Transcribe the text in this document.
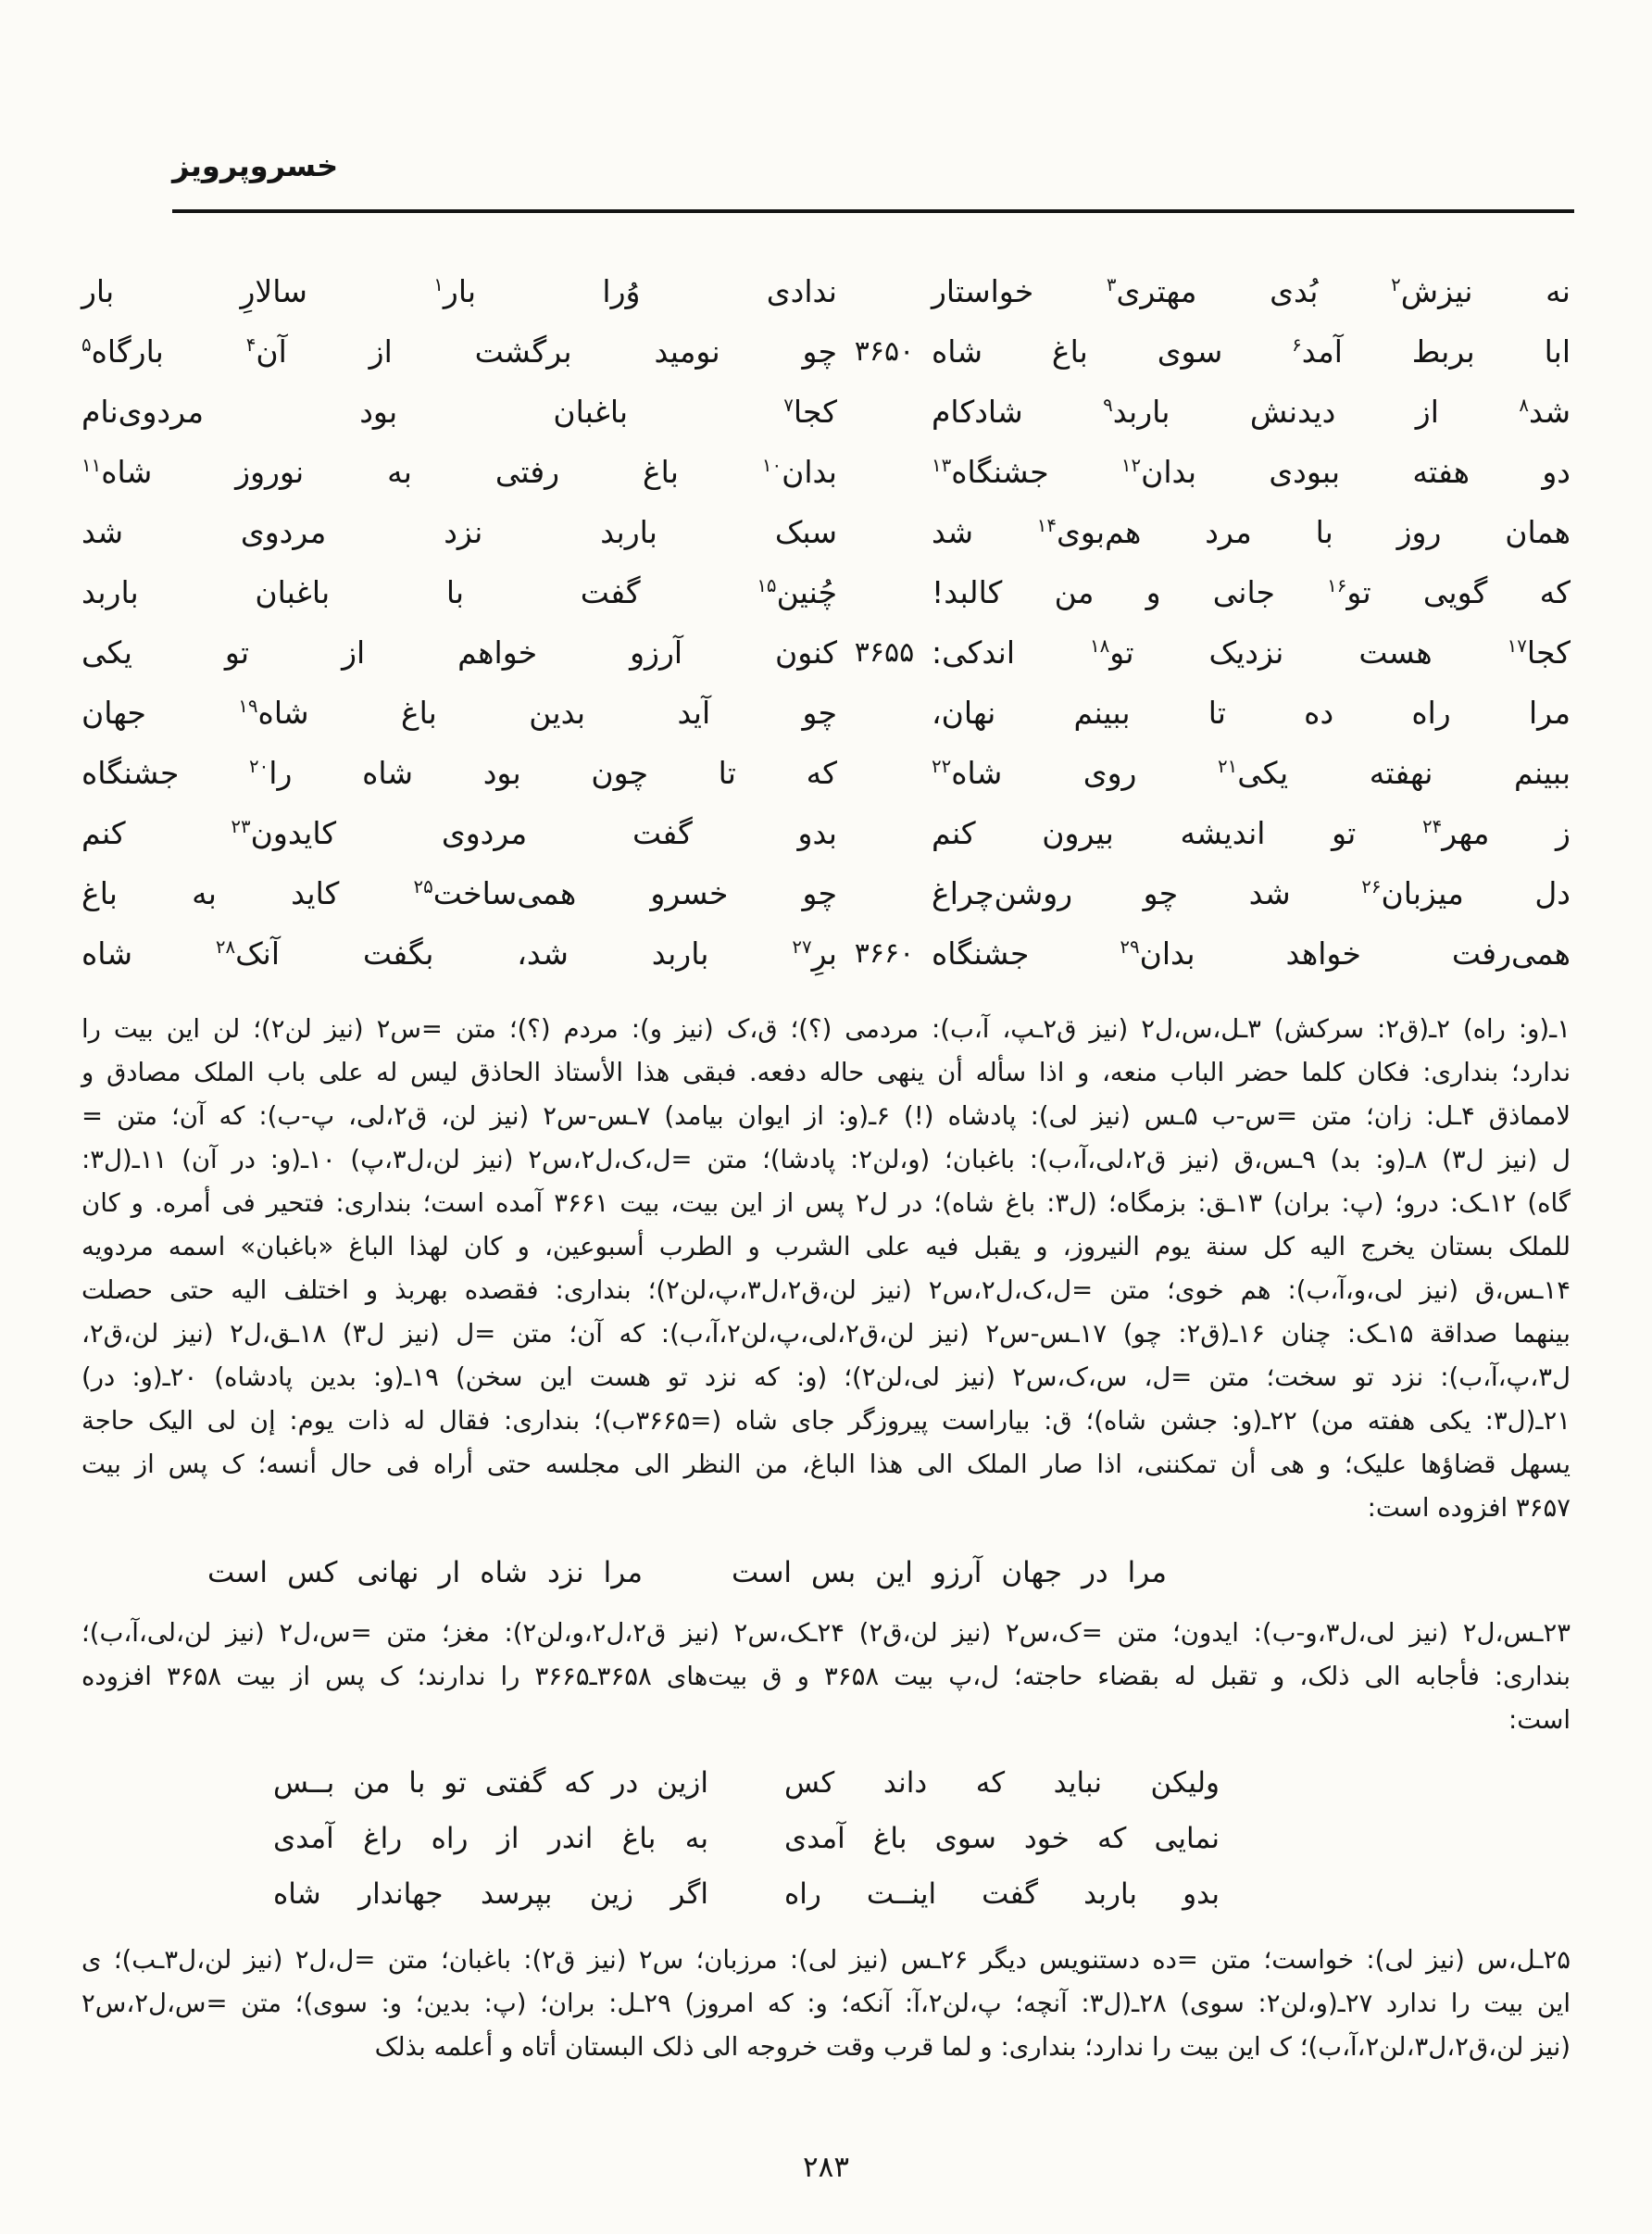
خسروپرویز
نه نیزش$^۲$ بُدی مهتری$^۳$ خواستار
ندادی وُرا بار$^۱$ سالارِ بار
ابا بربط آمد$^۶$ سوی باغ شاه
۳۶۵۰
چو نومید برگشت از آن$^۴$ بارگاه$^۵$
شد$^۸$ از دیدنش باربد$^۹$ شادکام
کجا$^۷$ باغبان بود مردوی‌نام
دو هفته ببودی بدان$^{۱۲}$ جشنگاه$^{۱۳}$
بدان$^{۱۰}$ باغ رفتی به نوروز شاه$^{۱۱}$
همان روز با مرد هم‌بوی$^{۱۴}$ شد
سبک باربد نزد مردوی شد
که گویی تو$^{۱۶}$ جانی و من کالبد!
چُنین$^{۱۵}$ گفت با باغبان باربد
کجا$^{۱۷}$ هست نزدیک تو$^{۱۸}$ اندکی:
۳۶۵۵
کنون آرزو خواهم از تو یکی
مرا راه ده تا ببینم نهان،
چو آید بدین باغ شاه$^{۱۹}$ جهان
ببینم نهفته یکی$^{۲۱}$ روی شاه$^{۲۲}$
که تا چون بود شاه را$^{۲۰}$ جشنگاه
ز مهر$^{۲۴}$ تو اندیشه بیرون کنم
بدو گفت مردوی کایدون$^{۲۳}$ کنم
دل میزبان$^{۲۶}$ شد چو روشن‌چراغ
چو خسرو همی‌ساخت$^{۲۵}$ کاید به باغ
همی‌رفت خواهد بدان$^{۲۹}$ جشنگاه
۳۶۶۰
برِ$^{۲۷}$ باربد شد، بگفت آنک$^{۲۸}$ شاه
۱ـ(و: راه) ۲ـ(ق۲: سرکش) ۳ـل،س،ل۲ (نیز ق۲ـپ، آ،ب): مردمی (؟)؛ ق،ک (نیز و): مردم (؟)؛ متن =س۲ (نیز لن۲)؛ لن این بیت را
ندارد؛ بنداری: فکان کلما حضر الباب منعه، و اذا سأله أن ینهی حاله دفعه. فبقی هذا الأستاذ الحاذق لیس له علی باب الملک مصادق و
لامماذق ۴ـل: زان؛ متن =س-ب ۵ـس (نیز لی): پادشاه (!) ۶ـ(و: از ایوان بیامد) ۷ـس-س۲ (نیز لن، ق۲،لی، پ-ب): که آن؛ متن =
ل (نیز ل۳) ۸ـ(و: بد) ۹ـس،ق (نیز ق۲،لی،آ،ب): باغبان؛ (و،لن۲: پادشا)؛ متن =ل،ک،ل۲،س۲ (نیز لن،ل۳،پ) ۱۰ـ(و: در آن) ۱۱ـ(ل۳:
گاه) ۱۲ـک: درو؛ (پ: بران) ۱۳ـق: بزمگاه؛ (ل۳: باغ شاه)؛ در ل۲ پس از این بیت، بیت ۳۶۶۱ آمده است؛ بنداری: فتحیر فی أمره. و کان
للملک بستان یخرج الیه کل سنة یوم النیروز، و یقبل فیه علی الشرب و الطرب أسبوعین، و کان لهذا الباغ «باغبان» اسمه مردویه
۱۴ـس،ق (نیز لی،و،آ،ب): هم خوی؛ متن =ل،ک،ل۲،س۲ (نیز لن،ق۲،ل۳،پ،لن۲)؛ بنداری: فقصده بهربذ و اختلف الیه حتی حصلت
بینهما صداقة ۱۵ـک: چنان ۱۶ـ(ق۲: چو) ۱۷ـس-س۲ (نیز لن،ق۲،لی،پ،لن۲،آ،ب): که آن؛ متن =ل (نیز ل۳) ۱۸ـق،ل۲ (نیز لن،ق۲،
ل۳،پ،آ،ب): نزد تو سخت؛ متن =ل، س،ک،س۲ (نیز لی،لن۲)؛ (و: که نزد تو هست این سخن) ۱۹ـ(و: بدین پادشاه) ۲۰ـ(و: در)
۲۱ـ(ل۳: یکی هفته من) ۲۲ـ(و: جشن شاه)؛ ق: بیاراست پیروزگر جای شاه (=۳۶۶۵ب)؛ بنداری: فقال له ذات یوم: إن لی الیک حاجة
یسهل قضاؤها علیک؛ و هی أن تمکننی، اذا صار الملک الی هذا الباغ، من النظر الی مجلسه حتی أراه فی حال أنسه؛ ک پس از بیت
۳۶۵۷ افزوده است:
مرا در جهان آرزو این بس است
مرا نزد شاه ار نهانی کس است
۲۳ـس،ل۲ (نیز لی،ل۳،و-ب): ایدون؛ متن =ک،س۲ (نیز لن،ق۲) ۲۴ـک،س۲ (نیز ق۲،ل۲،و،لن۲): مغز؛ متن =س،ل۲ (نیز لن،لی،آ،ب)؛
بنداری: فأجابه الی ذلک، و تقبل له بقضاء حاجته؛ ل،پ بیت ۳۶۵۸ و ق بیت‌های ۳۶۵۸ـ۳۶۶۵ را ندارند؛ ک پس از بیت ۳۶۵۸ افزوده
است:
ولیکن نباید که داند کس
ازین در که گفتی تو با من بــس
نمایی که خود سوی باغ آمدی
به باغ اندر از راه راغ آمدی
بدو باربد گفت اینــت راه
اگر زین بپرسد جهاندار شاه
۲۵ـل،س (نیز لی): خواست؛ متن =ده دستنویس دیگر ۲۶ـس (نیز لی): مرزبان؛ س۲ (نیز ق۲): باغبان؛ متن =ل،ل۲ (نیز لن،ل۳ـب)؛ ی
این بیت را ندارد ۲۷ـ(و،لن۲: سوی) ۲۸ـ(ل۳: آنچه؛ پ،لن۲،آ: آنکه؛ و: که امروز) ۲۹ـل: بران؛ (پ: بدین؛ و: سوی)؛ متن =س،ل۲،س۲
(نیز لن،ق۲،ل۳،لن۲،آ،ب)؛ ک این بیت را ندارد؛ بنداری: و لما قرب وقت خروجه الی ذلک البستان أتاه و أعلمه بذلک
۲۸۳
